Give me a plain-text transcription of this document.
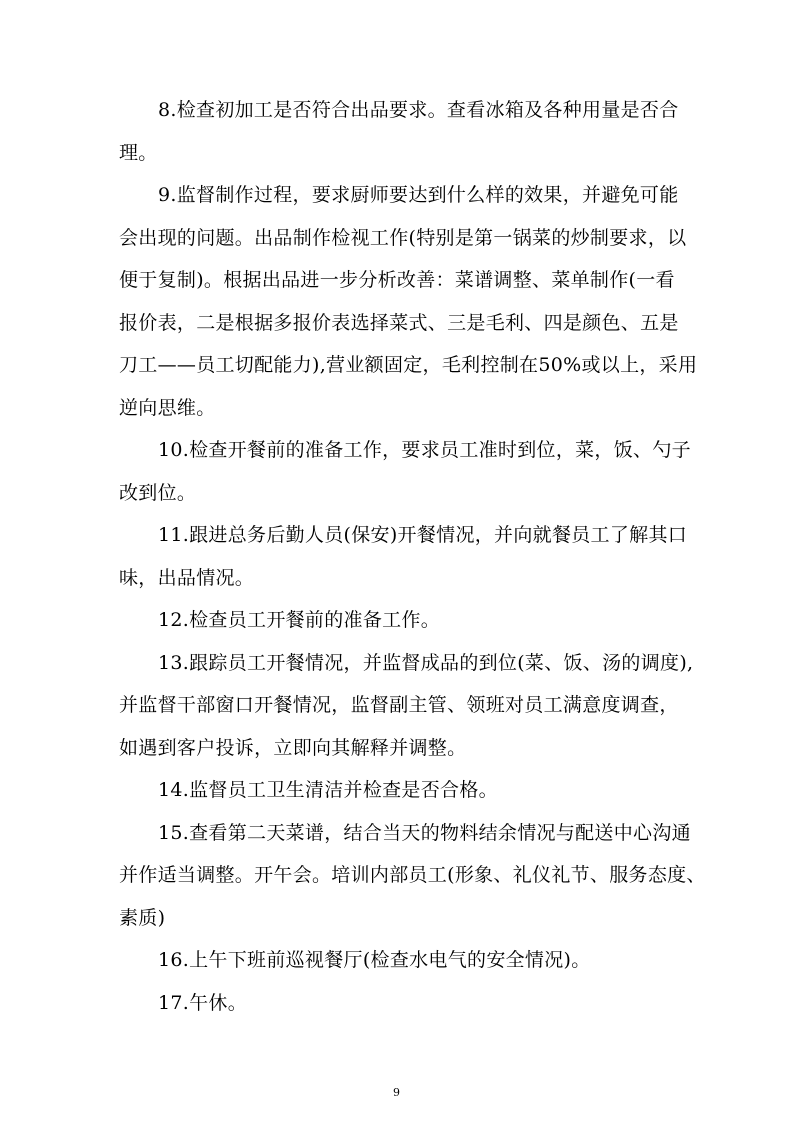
8.检查初加工是否符合出品要求。查看冰箱及各种用量是否合
理。
9.监督制作过程，要求厨师要达到什么样的效果，并避免可能
会出现的问题。出品制作检视工作(特别是第一锅菜的炒制要求，以
便于复制)。根据出品进一步分析改善：菜谱调整、菜单制作(一看
报价表，二是根据多报价表选择菜式、三是毛利、四是颜色、五是
刀工——员工切配能力),营业额固定，毛利控制在50%或以上，采用
逆向思维。
10.检查开餐前的准备工作，要求员工准时到位，菜，饭、勺子
改到位。
11.跟进总务后勤人员(保安)开餐情况，并向就餐员工了解其口
味，出品情况。
12.检查员工开餐前的准备工作。
13.跟踪员工开餐情况，并监督成品的到位(菜、饭、汤的调度),
并监督干部窗口开餐情况，监督副主管、领班对员工满意度调查，
如遇到客户投诉，立即向其解释并调整。
14.监督员工卫生清洁并检查是否合格。
15.查看第二天菜谱，结合当天的物料结余情况与配送中心沟通
并作适当调整。开午会。培训内部员工(形象、礼仪礼节、服务态度、
素质)
16.上午下班前巡视餐厅(检查水电气的安全情况)。
17.午休。
9
